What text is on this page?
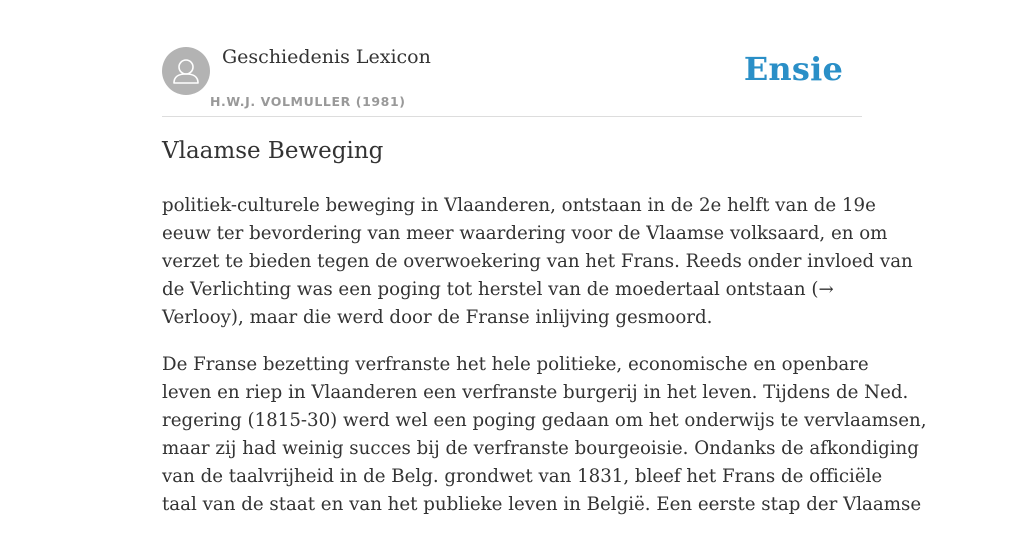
Geschiedenis Lexicon
H.W.J. VOLMULLER (1981)
Ensie
Vlaamse Beweging

politiek-culturele beweging in Vlaanderen, ontstaan in de 2e helft van de 19e
eeuw ter bevordering van meer waardering voor de Vlaamse volksaard, en om
verzet te bieden tegen de overwoekering van het Frans. Reeds onder invloed van
de Verlichting was een poging tot herstel van de moedertaal ontstaan (→
Verlooy), maar die werd door de Franse inlijving gesmoord.

De Franse bezetting verfranste het hele politieke, economische en openbare
leven en riep in Vlaanderen een verfranste burgerij in het leven. Tijdens de Ned.
regering (1815-30) werd wel een poging gedaan om het onderwijs te vervlaamsen,
maar zij had weinig succes bij de verfranste bourgeoisie. Ondanks de afkondiging
van de taalvrijheid in de Belg. grondwet van 1831, bleef het Frans de officiële
taal van de staat en van het publieke leven in België. Een eerste stap der Vlaamse
